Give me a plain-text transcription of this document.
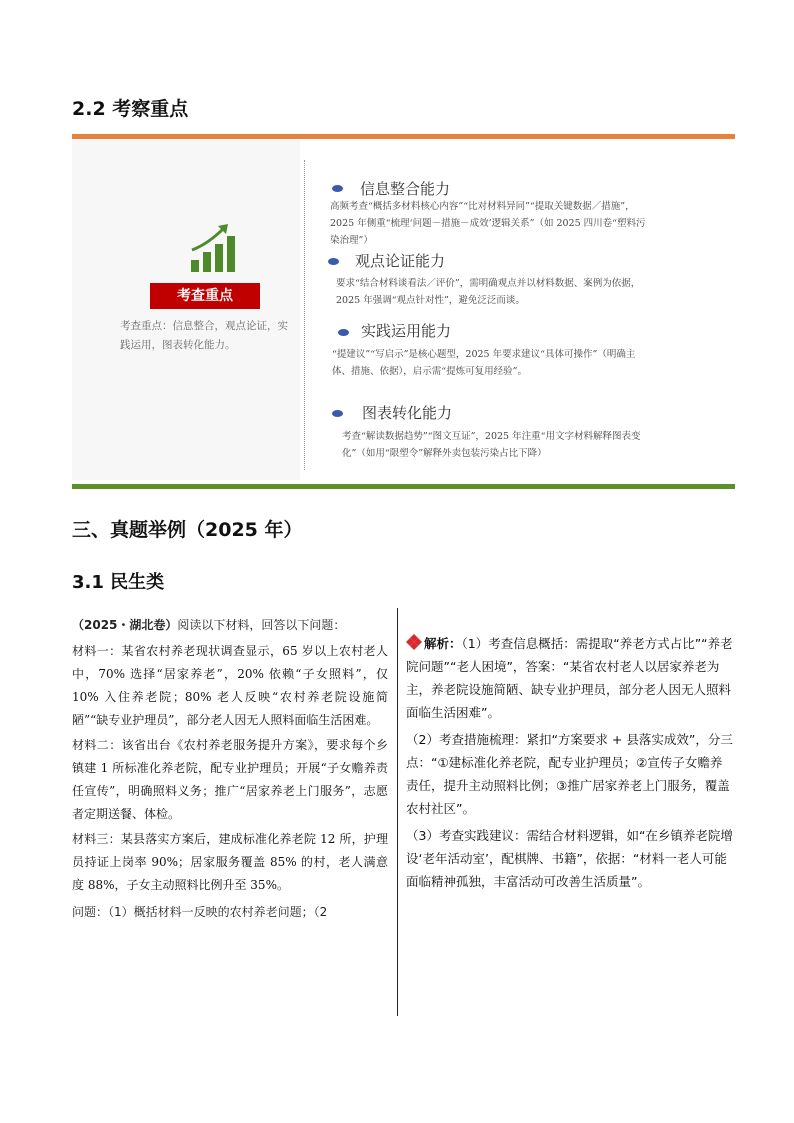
2.2 考察重点
考查重点
考查重点：信息整合，观点论证，实践运用，图表转化能力。
信息整合能力
高频考查“概括多材料核心内容”“比对材料异同”“提取关键数据／措施”，2025 年侧重“梳理‘问题－措施－成效’逻辑关系”（如 2025 四川卷“塑料污染治理”）
观点论证能力
要求“结合材料谈看法／评价”，需明确观点并以材料数据、案例为依据，2025 年强调“观点针对性”，避免泛泛而谈。
实践运用能力
“提建议”“写启示”是核心题型，2025 年要求建议“具体可操作”（明确主体、措施、依据），启示需“提炼可复用经验”。
图表转化能力
考查“解读数据趋势”“图文互证”，2025 年注重“用文字材料解释图表变化”（如用“限塑令”解释外卖包装污染占比下降）
三、真题举例（2025 年）
3.1 民生类
（2025・湖北卷）阅读以下材料，回答以下问题：
材料一：某省农村养老现状调查显示，65 岁以上农村老人中，70% 选择“居家养老”，20% 依赖“子女照料”，仅 10% 入住养老院；80% 老人反映“农村养老院设施简陋”“缺专业护理员”，部分老人因无人照料面临生活困难。
材料二：该省出台《农村养老服务提升方案》，要求每个乡镇建 1 所标准化养老院，配专业护理员；开展“子女赡养责任宣传”，明确照料义务；推广“居家养老上门服务”，志愿者定期送餐、体检。
材料三：某县落实方案后，建成标准化养老院 12 所，护理员持证上岗率 90%；居家服务覆盖 85% 的村，老人满意度 88%，子女主动照料比例升至 35%。
问题：（1）概括材料一反映的农村养老问题；（2

解析：（1）考查信息概括：需提取“养老方式占比”“养老院问题”“老人困境”，答案：“某省农村老人以居家养老为主，养老院设施简陋、缺专业护理员，部分老人因无人照料面临生活困难”。

（2）考查措施梳理：紧扣“方案要求 + 县落实成效”，分三点：“①建标准化养老院，配专业护理员；②宣传子女赡养责任，提升主动照料比例；③推广居家养老上门服务，覆盖农村社区”。

（3）考查实践建议：需结合材料逻辑，如“在乡镇养老院增设‘老年活动室’，配棋牌、书籍”，依据：“材料一老人可能面临精神孤独，丰富活动可改善生活质量”。
